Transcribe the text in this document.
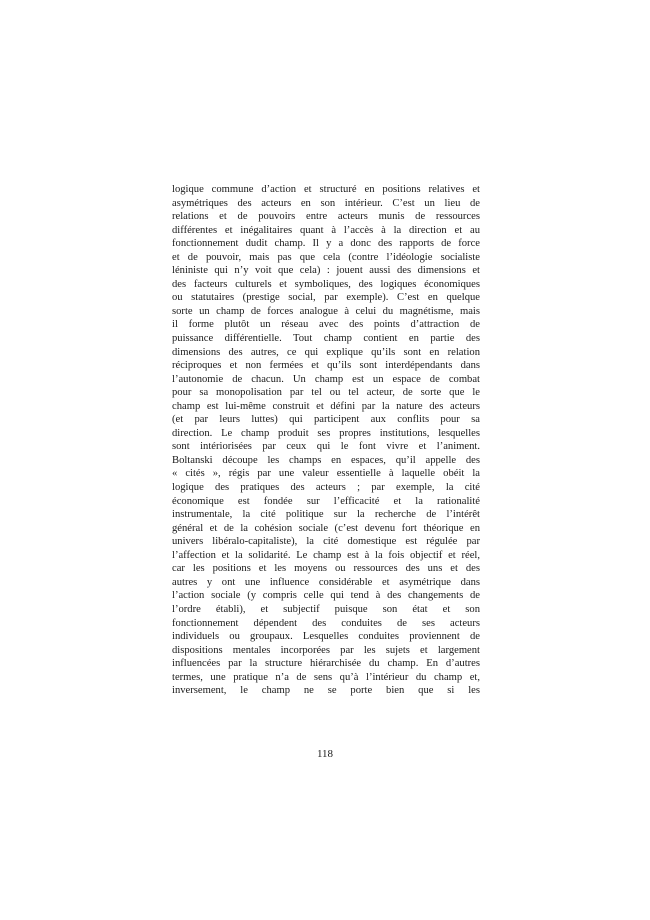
logique commune d’action et structuré en positions relatives et
asymétriques des acteurs en son intérieur. C’est un lieu de
relations et de pouvoirs entre acteurs munis de ressources
différentes et inégalitaires quant à l’accès à la direction et au
fonctionnement dudit champ. Il y a donc des rapports de force
et de pouvoir, mais pas que cela (contre l’idéologie socialiste
léniniste qui n’y voit que cela) : jouent aussi des dimensions et
des facteurs culturels et symboliques, des logiques économiques
ou statutaires (prestige social, par exemple). C’est en quelque
sorte un champ de forces analogue à celui du magnétisme, mais
il forme plutôt un réseau avec des points d’attraction de
puissance différentielle. Tout champ contient en partie des
dimensions des autres, ce qui explique qu’ils sont en relation
réciproques et non fermées et qu’ils sont interdépendants dans
l’autonomie de chacun. Un champ est un espace de combat
pour sa monopolisation par tel ou tel acteur, de sorte que le
champ est lui-même construit et défini par la nature des acteurs
(et par leurs luttes) qui participent aux conflits pour sa
direction. Le champ produit ses propres institutions, lesquelles
sont intériorisées par ceux qui le font vivre et l’animent.
Boltanski découpe les champs en espaces, qu’il appelle des
« cités », régis par une valeur essentielle à laquelle obéit la
logique des pratiques des acteurs ; par exemple, la cité
économique est fondée sur l’efficacité et la rationalité
instrumentale, la cité politique sur la recherche de l’intérêt
général et de la cohésion sociale (c’est devenu fort théorique en
univers libéralo-capitaliste), la cité domestique est régulée par
l’affection et la solidarité. Le champ est à la fois objectif et réel,
car les positions et les moyens ou ressources des uns et des
autres y ont une influence considérable et asymétrique dans
l’action sociale (y compris celle qui tend à des changements de
l’ordre établi), et subjectif puisque son état et son
fonctionnement dépendent des conduites de ses acteurs
individuels ou groupaux. Lesquelles conduites proviennent de
dispositions mentales incorporées par les sujets et largement
influencées par la structure hiérarchisée du champ. En d’autres
termes, une pratique n’a de sens qu’à l’intérieur du champ et,
inversement, le champ ne se porte bien que si les
118
